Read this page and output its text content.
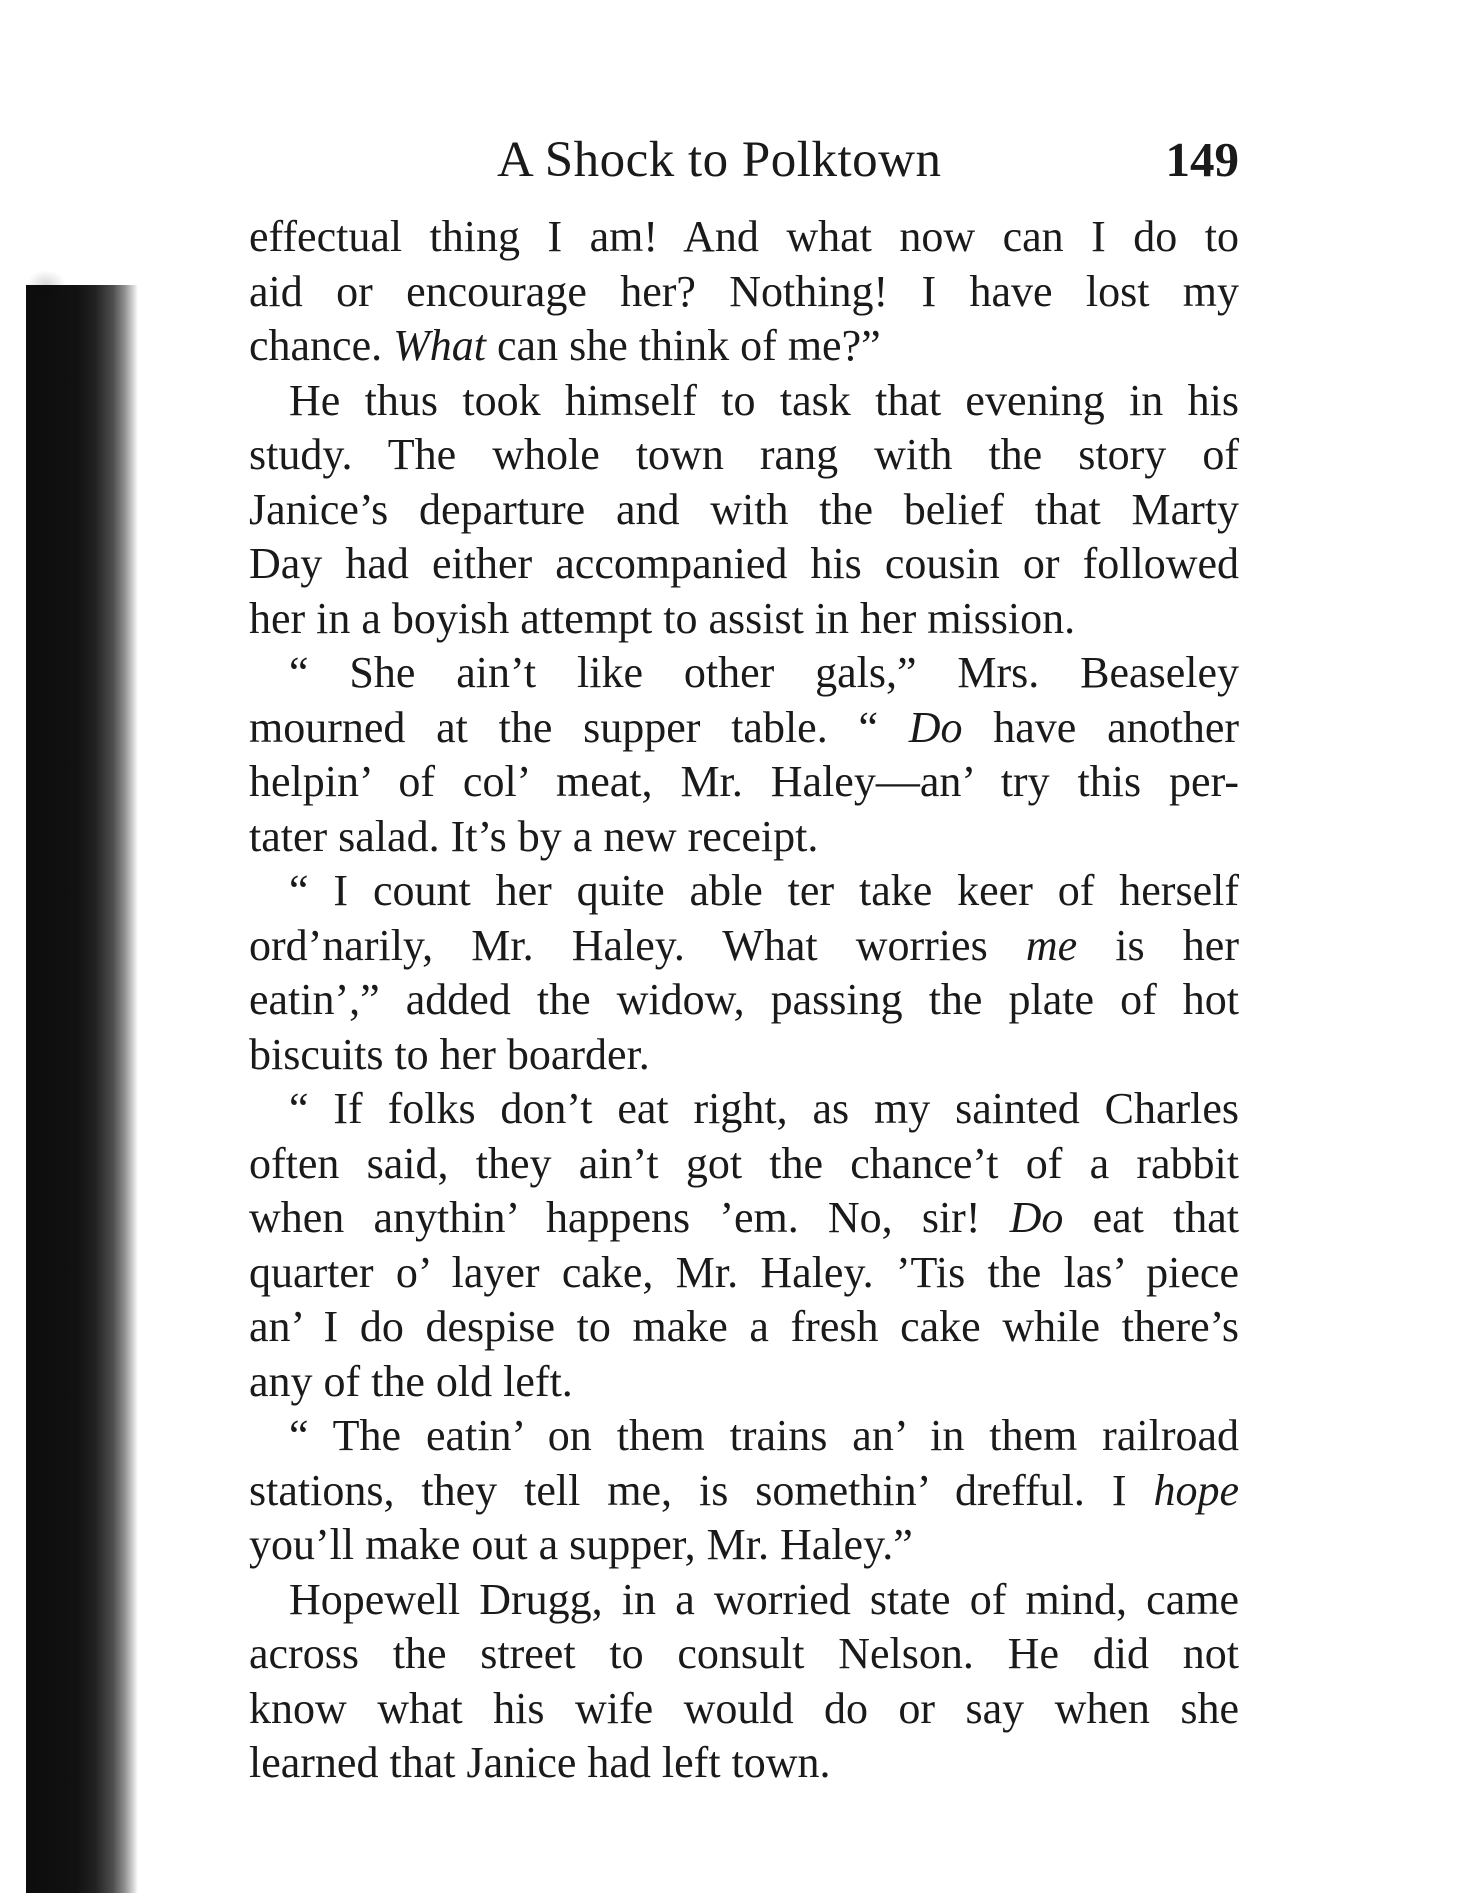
A Shock to Polktown	149
effectual thing I am! And what now can I do to
aid or encourage her? Nothing! I have lost my
chance. What can she think of me?”
He thus took himself to task that evening in his
study. The whole town rang with the story of
Janice’s departure and with the belief that Marty
Day had either accompanied his cousin or followed
her in a boyish attempt to assist in her mission.
“ She ain’t like other gals,” Mrs. Beaseley
mourned at the supper table. “ Do have another
helpin’ of col’ meat, Mr. Haley—an’ try this per-
tater salad. It’s by a new receipt.
“ I count her quite able ter take keer of herself
ord’narily, Mr. Haley. What worries me is her
eatin’,” added the widow, passing the plate of hot
biscuits to her boarder.
“ If folks don’t eat right, as my sainted Charles
often said, they ain’t got the chance’t of a rabbit
when anythin’ happens ’em. No, sir! Do eat that
quarter o’ layer cake, Mr. Haley. ’Tis the las’ piece
an’ I do despise to make a fresh cake while there’s
any of the old left.
“ The eatin’ on them trains an’ in them railroad
stations, they tell me, is somethin’ drefful. I hope
you’ll make out a supper, Mr. Haley.”
Hopewell Drugg, in a worried state of mind, came
across the street to consult Nelson. He did not
know what his wife would do or say when she
learned that Janice had left town.
